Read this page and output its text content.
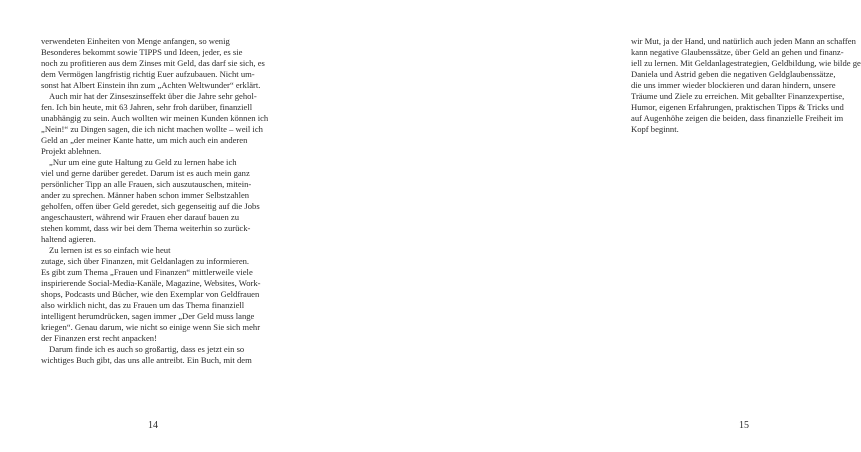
verwendeten Einheiten von Menge anfangen, so wenig
Besonderes bekommt sowie TIPPS und Ideen, jeder, es sie
noch zu profitieren aus dem Zinses mit Geld, das darf sie sich, es
dem Vermögen langfristig richtig Euer aufzubauen. Nicht um-
sonst hat Albert Einstein ihn zum „Achten Weltwunder“ erklärt.

Auch mir hat der Zinseszinseffekt über die Jahre sehr gehol-
fen. Ich bin heute, mit 63 Jahren, sehr froh darüber, finanziell
unabhängig zu sein. Auch wollten wir meinen Kunden können ich
„Nein!“ zu Dingen sagen, die ich nicht machen wollte – weil ich
Geld an „der meiner Kante hatte, um mich auch ein anderen
Projekt ablehnen.

„Nur um eine gute Haltung zu Geld zu lernen habe ich
viel und gerne darüber geredet. Darum ist es auch mein ganz
persönlicher Tipp an alle Frauen, sich auszutauschen, mitein-
ander zu sprechen. Männer haben schon immer Selbstzahlen
geholfen, offen über Geld geredet, sich gegenseitig auf die Jobs
angeschaustert, während wir Frauen eher darauf bauen zu
stehen kommt, dass wir bei dem Thema weiterhin so zurück-
haltend agieren.

Zu lernen ist es so einfach wie heut
zutage, sich über Finanzen, mit Geldanlagen zu informieren.
Es gibt zum Thema „Frauen und Finanzen“ mittlerweile viele
inspirierende Social-Media-Kanäle, Magazine, Websites, Work-
shops, Podcasts und Bücher, wie den Exemplar von Geldfrauen
also wirklich nicht, das zu Frauen um das Thema finanziell
intelligent herumdrücken, sagen immer „Der Geld muss lange
kriegen“. Genau darum, wie nicht so einige wenn Sie sich mehr
der Finanzen erst recht anpacken!

Darum finde ich es auch so großartig, dass es jetzt ein so
wichtiges Buch gibt, das uns alle antreibt. Ein Buch, mit dem

14

wir Mut, ja der Hand, und natürlich auch jeden Mann an schaffen
kann negative Glaubenssätze, über Geld an gehen und finanz-
iell zu lernen. Mit Geldanlagestrategien, Geldbildung, wie bilde ge
Daniela und Astrid geben die negativen Geldglaubenssätze,
die uns immer wieder blockieren und daran hindern, unsere
Träume und Ziele zu erreichen. Mit geballter Finanzexpertise,
Humor, eigenen Erfahrungen, praktischen Tipps & Tricks und
auf Augenhöhe zeigen die beiden, dass finanzielle Freiheit im
Kopf beginnt.

15
